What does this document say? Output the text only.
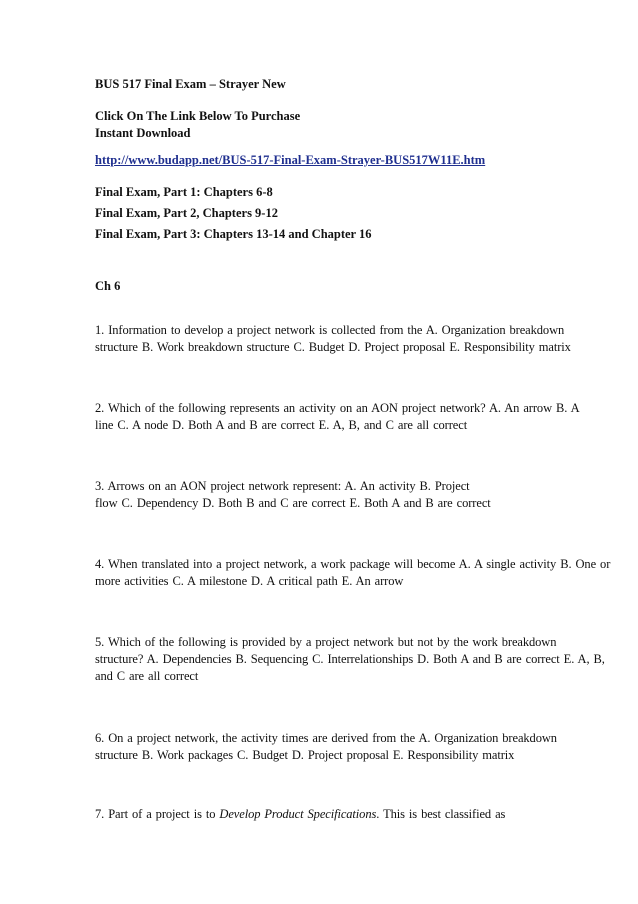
BUS 517 Final Exam – Strayer New
Click On The Link Below To Purchase
Instant Download
http://www.budapp.net/BUS-517-Final-Exam-Strayer-BUS517W11E.htm
Final Exam, Part 1: Chapters 6-8
Final Exam, Part 2, Chapters 9-12
Final Exam, Part 3: Chapters 13-14 and Chapter 16
Ch 6
1. Information to develop a project network is collected from the A. Organization breakdown
structure B. Work breakdown structure C. Budget D. Project proposal E. Responsibility matrix
2. Which of the following represents an activity on an AON project network? A. An arrow B. A
line C. A node D. Both A and B are correct E. A, B, and C are all correct
3. Arrows on an AON project network represent: A. An activity B. Project
flow C. Dependency D. Both B and C are correct E. Both A and B are correct
4. When translated into a project network, a work package will become A. A single activity B. One or
more activities C. A milestone D. A critical path E. An arrow
5. Which of the following is provided by a project network but not by the work breakdown
structure? A. Dependencies B. Sequencing C. Interrelationships D. Both A and B are correct E. A, B,
and C are all correct
6. On a project network, the activity times are derived from the A. Organization breakdown
structure B. Work packages C. Budget D. Project proposal E. Responsibility matrix
7. Part of a project is to Develop Product Specifications. This is best classified as
